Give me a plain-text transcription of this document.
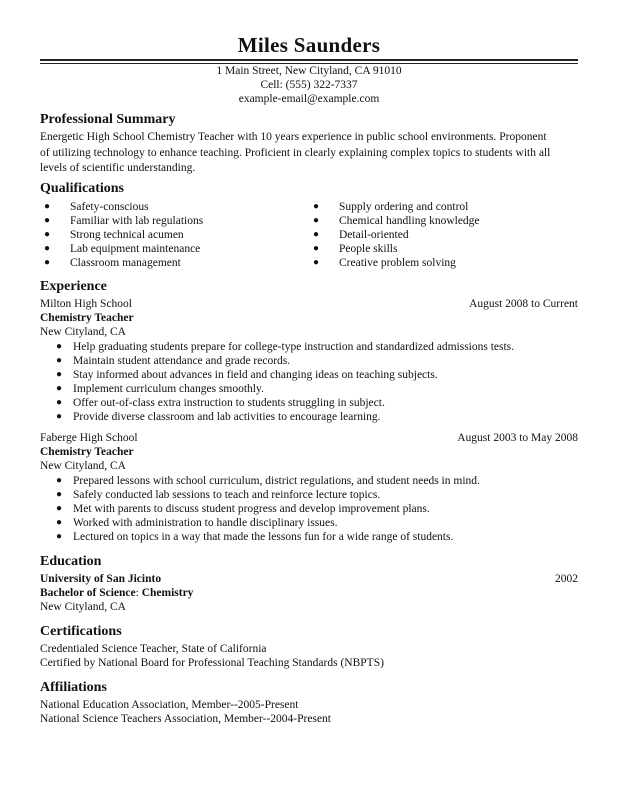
Miles Saunders
1 Main Street, New Cityland, CA 91010
Cell: (555) 322-7337
example-email@example.com
Professional Summary
Energetic High School Chemistry Teacher with 10 years experience in public school environments. Proponent
of utilizing technology to enhance teaching. Proficient in clearly explaining complex topics to students with all
levels of scientific understanding.
Qualifications
● Safety-conscious
● Familiar with lab regulations
● Strong technical acumen
● Lab equipment maintenance
● Classroom management
● Supply ordering and control
● Chemical handling knowledge
● Detail-oriented
● People skills
● Creative problem solving
Experience
Milton High School	August 2008 to Current
Chemistry Teacher
New Cityland, CA
● Help graduating students prepare for college-type instruction and standardized admissions tests.
● Maintain student attendance and grade records.
● Stay informed about advances in field and changing ideas on teaching subjects.
● Implement curriculum changes smoothly.
● Offer out-of-class extra instruction to students struggling in subject.
● Provide diverse classroom and lab activities to encourage learning.
Faberge High School	August 2003 to May 2008
Chemistry Teacher
New Cityland, CA
● Prepared lessons with school curriculum, district regulations, and student needs in mind.
● Safely conducted lab sessions to teach and reinforce lecture topics.
● Met with parents to discuss student progress and develop improvement plans.
● Worked with administration to handle disciplinary issues.
● Lectured on topics in a way that made the lessons fun for a wide range of students.
Education
University of San Jicinto	2002
Bachelor of Science: Chemistry
New Cityland, CA
Certifications
Credentialed Science Teacher, State of California
Certified by National Board for Professional Teaching Standards (NBPTS)
Affiliations
National Education Association, Member--2005-Present
National Science Teachers Association, Member--2004-Present
